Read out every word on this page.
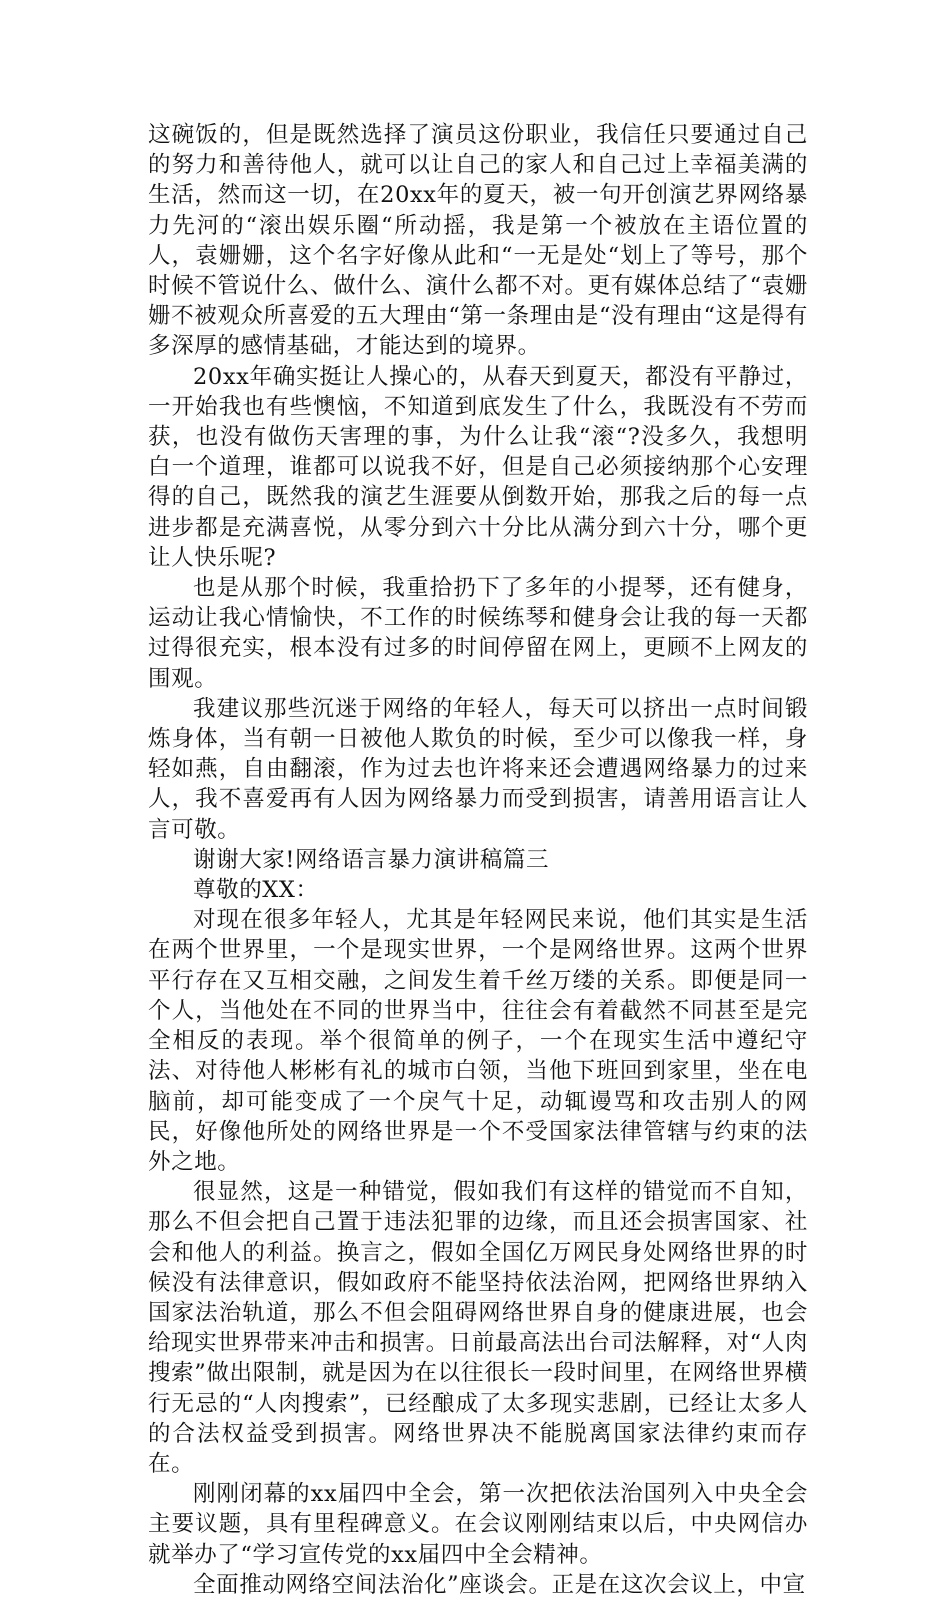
这碗饭的，但是既然选择了演员这份职业，我信任只要通过自己的努力和善待他人，就可以让自己的家人和自己过上幸福美满的生活，然而这一切，在20xx年的夏天，被一句开创演艺界网络暴力先河的“滚出娱乐圈“所动摇，我是第一个被放在主语位置的人，袁姗姗，这个名字好像从此和“一无是处“划上了等号，那个时候不管说什么、做什么、演什么都不对。更有媒体总结了“袁姗姗不被观众所喜爱的五大理由“第一条理由是“没有理由“这是得有多深厚的感情基础，才能达到的境界。

20xx年确实挺让人操心的，从春天到夏天，都没有平静过，一开始我也有些懊恼，不知道到底发生了什么，我既没有不劳而获，也没有做伤天害理的事，为什么让我“滚“?没多久，我想明白一个道理，谁都可以说我不好，但是自己必须接纳那个心安理得的自己，既然我的演艺生涯要从倒数开始，那我之后的每一点进步都是充满喜悦，从零分到六十分比从满分到六十分，哪个更让人快乐呢?

也是从那个时候，我重拾扔下了多年的小提琴，还有健身，运动让我心情愉快，不工作的时候练琴和健身会让我的每一天都过得很充实，根本没有过多的时间停留在网上，更顾不上网友的围观。

我建议那些沉迷于网络的年轻人，每天可以挤出一点时间锻炼身体，当有朝一日被他人欺负的时候，至少可以像我一样，身轻如燕，自由翻滚，作为过去也许将来还会遭遇网络暴力的过来人，我不喜爱再有人因为网络暴力而受到损害，请善用语言让人言可敬。

谢谢大家!网络语言暴力演讲稿篇三

尊敬的XX：

对现在很多年轻人，尤其是年轻网民来说，他们其实是生活在两个世界里，一个是现实世界，一个是网络世界。这两个世界平行存在又互相交融，之间发生着千丝万缕的关系。即便是同一个人，当他处在不同的世界当中，往往会有着截然不同甚至是完全相反的表现。举个很简单的例子，一个在现实生活中遵纪守法、对待他人彬彬有礼的城市白领，当他下班回到家里，坐在电脑前，却可能变成了一个戾气十足，动辄谩骂和攻击别人的网民，好像他所处的网络世界是一个不受国家法律管辖与约束的法外之地。

很显然，这是一种错觉，假如我们有这样的错觉而不自知，那么不但会把自己置于违法犯罪的边缘，而且还会损害国家、社会和他人的利益。换言之，假如全国亿万网民身处网络世界的时候没有法律意识，假如政府不能坚持依法治网，把网络世界纳入国家法治轨道，那么不但会阻碍网络世界自身的健康进展，也会给现实世界带来冲击和损害。日前最高法出台司法解释，对“人肉搜索”做出限制，就是因为在以往很长一段时间里，在网络世界横行无忌的“人肉搜索”，已经酿成了太多现实悲剧，已经让太多人的合法权益受到损害。网络世界决不能脱离国家法律约束而存在。

刚刚闭幕的xx届四中全会，第一次把依法治国列入中央全会主要议题，具有里程碑意义。在会议刚刚结束以后，中央网信办就举办了“学习宣传党的xx届四中全会精神。

全面推动网络空间法治化”座谈会。正是在这次会议上，中宣
